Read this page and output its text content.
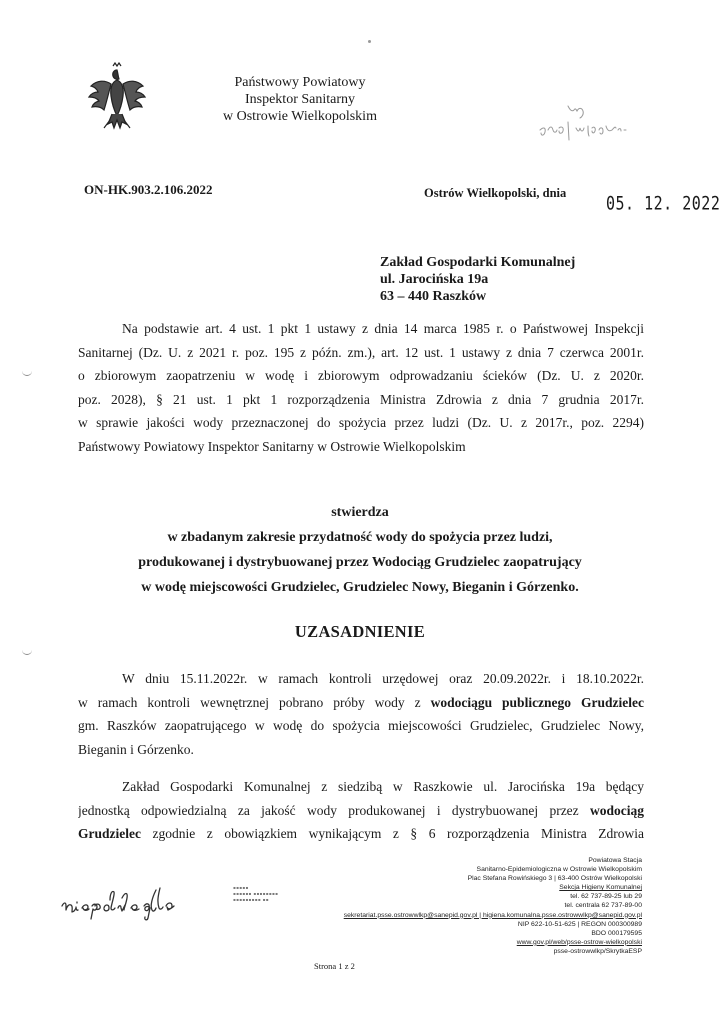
Państwowy Powiatowy
Inspektor Sanitarny
w Ostrowie Wielkopolskim
ON-HK.903.2.106.2022	Ostrów Wielkopolski, dnia	05. 12. 2022
Zakład Gospodarki Komunalnej
ul. Jarocińska 19a
63 – 440 Raszków
Na podstawie art. 4 ust. 1 pkt 1 ustawy z dnia 14 marca 1985 r. o Państwowej Inspekcji
Sanitarnej (Dz. U. z 2021 r. poz. 195 z późn. zm.), art. 12 ust. 1 ustawy z dnia 7 czerwca 2001r.
o zbiorowym zaopatrzeniu w wodę i zbiorowym odprowadzaniu ścieków (Dz. U. z 2020r.
poz. 2028), § 21 ust. 1 pkt 1 rozporządzenia Ministra Zdrowia z dnia 7 grudnia 2017r.
w sprawie jakości wody przeznaczonej do spożycia przez ludzi (Dz. U. z 2017r., poz. 2294)
Państwowy Powiatowy Inspektor Sanitarny w Ostrowie Wielkopolskim
stwierdza
w zbadanym zakresie przydatność wody do spożycia przez ludzi,
produkowanej i dystrybuowanej przez Wodociąg Grudzielec zaopatrujący
w wodę miejscowości Grudzielec, Grudzielec Nowy, Bieganin i Górzenko.
UZASADNIENIE
W dniu 15.11.2022r. w ramach kontroli urzędowej oraz 20.09.2022r. i 18.10.2022r.
w ramach kontroli wewnętrznej pobrano próby wody z wodociągu publicznego Grudzielec
gm. Raszków zaopatrującego w wodę do spożycia miejscowości Grudzielec, Grudzielec Nowy,
Bieganin i Górzenko.
Zakład Gospodarki Komunalnej z siedzibą w Raszkowie ul. Jarocińska 19a będący
jednostką odpowiedzialną za jakość wody produkowanej i dystrybuowanej przez wodociąg
Grudzielec zgodnie z obowiązkiem wynikającym z § 6 rozporządzenia Ministra Zdrowia
▪▪▪▪▪
▪▪▪▪▪▪ ▪▪▪▪▪▪▪▪
▪▪▪▪▪▪▪▪▪ ▪▪
Powiatowa Stacja
Sanitarno-Epidemiologiczna w Ostrowie Wielkopolskim
Plac Stefana Rowińskiego 3 | 63-400 Ostrów Wielkopolski
Sekcja Higieny Komunalnej
tel. 62 737-89-25 lub 29
tel. centrala 62 737-89-00
sekretariat.psse.ostrowwlkp@sanepid.gov.pl | higiena.komunalna.psse.ostrowwlkp@sanepid.gov.pl
NIP 622-10-51-625 | REGON 000300989
BDO 000179595
www.gov.pl/web/psse-ostrow-wielkopolski
psse-ostrowwlkp/SkrytkaESP
Strona 1 z 2
